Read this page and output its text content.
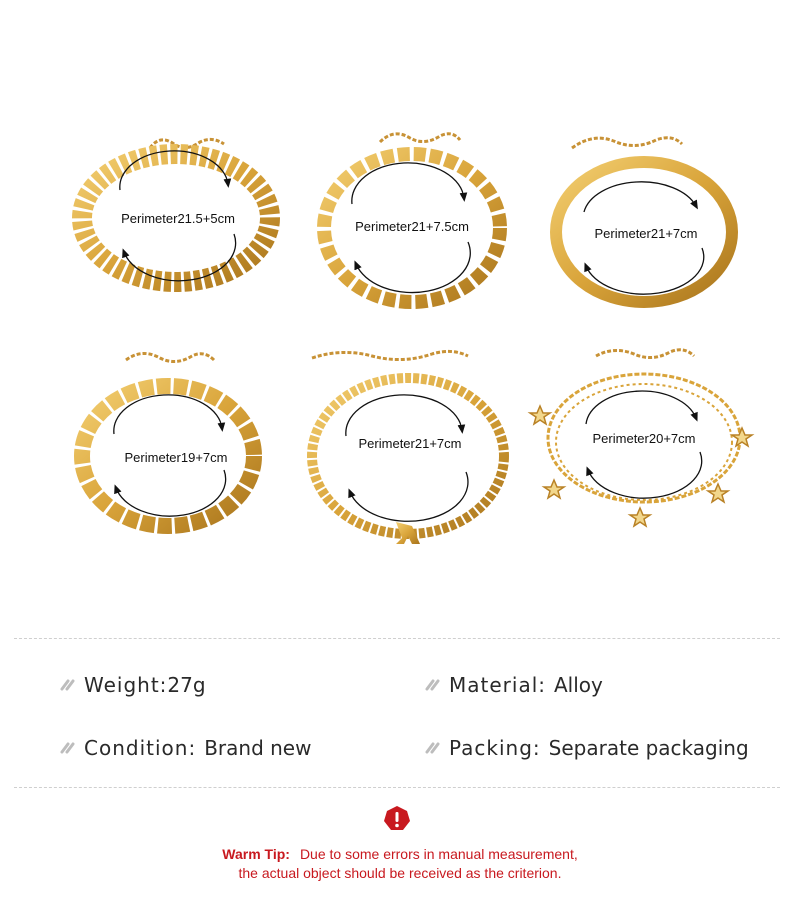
Perimeter21.5+5cm
Perimeter21+7.5cm	Perimeter21+7cm
Perimeter19+7cm
Perimeter21+7cm	Perimeter20+7cm
Weight:27g	Material: Alloy
Condition: Brand new	Packing: Separate packaging
Warm Tip: Due to some errors in manual measurement,
the actual object should be received as the criterion.
